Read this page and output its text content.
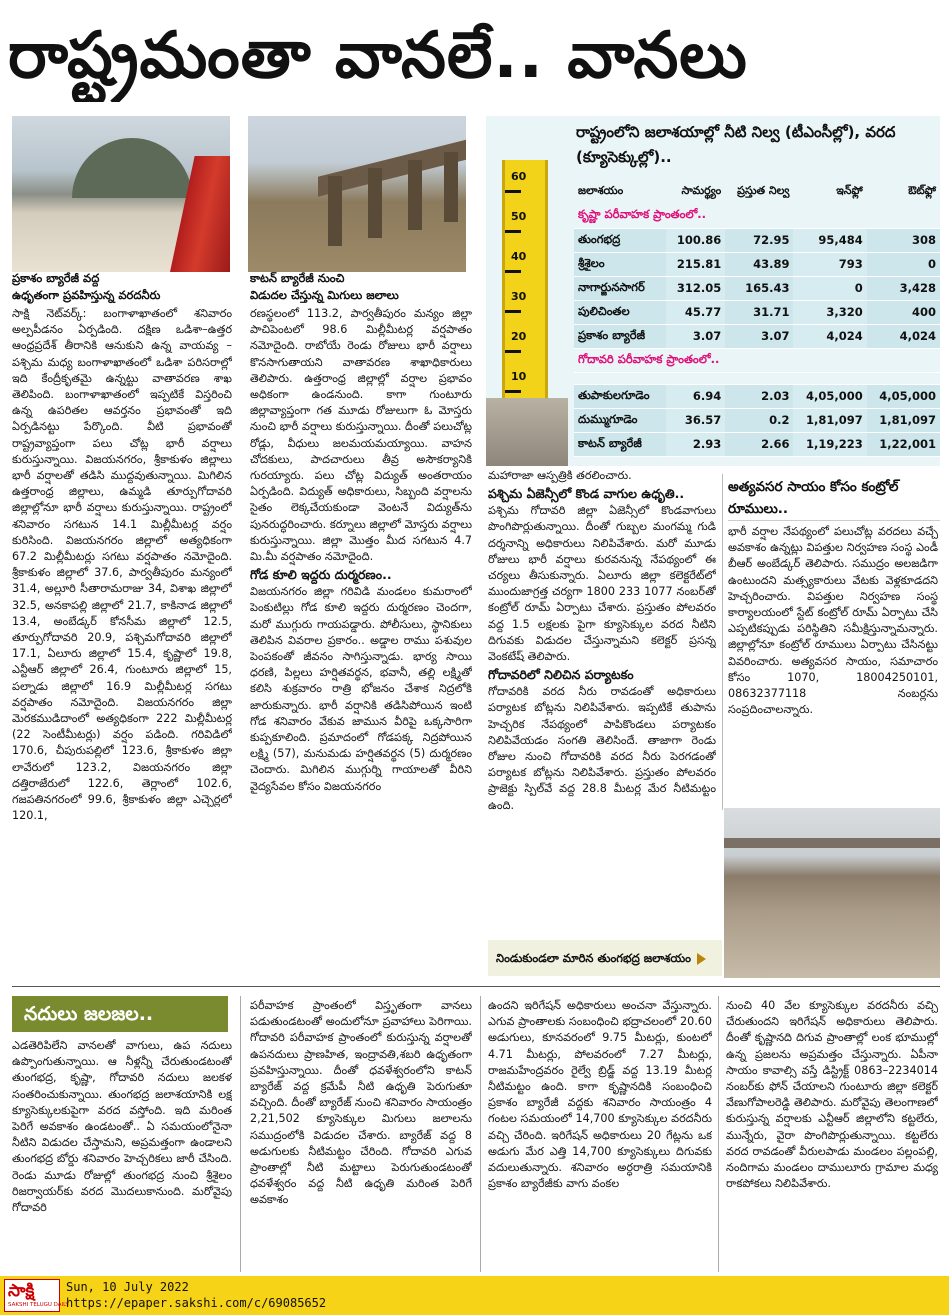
రాష్ట్రమంతా వానలే.. వానలు
ప్రకాశం బ్యారేజీ వద్ద
ఉధృతంగా ప్రవహిస్తున్న వరదనీరు
కాటన్ బ్యారేజీ నుంచి
విడుదల చేస్తున్న మిగులు జలాలు
60
50
40
30
20
10
రాష్ట్రంలోని జలాశయాల్లో నీటి నిల్వ (టీఎంసీల్లో), వరద (క్యూసెక్కుల్లో)..
జలాశయం	సామర్థ్యం	ప్రస్తుత నిల్వ	ఇన్‌ఫ్లో	ఔట్‌ఫ్లో
కృష్ణా పరీవాహక ప్రాంతంలో..				
తుంగభద్ర	100.86	72.95	95,484	308
శ్రీశైలం	215.81	43.89	793	0
నాగార్జునసాగర్	312.05	165.43	0	3,428
పులిచింతల	45.77	31.71	3,320	400
ప్రకాశం బ్యారేజీ	3.07	3.07	4,024	4,024
గోదావరి పరీవాహక ప్రాంతంలో..				

తుపాకులగూడెం	6.94	2.03	4,05,000	4,05,000
దుమ్ముగూడెం	36.57	0.2	1,81,097	1,81,097
కాటన్ బ్యారేజీ	2.93	2.66	1,19,223	1,22,001

సాక్షి నెట్‌వర్క్: బంగాళాఖాతంలో శనివారం అల్పపీడనం ఏర్పడింది. దక్షిణ ఒడిశా–ఉత్తర ఆంధ్రప్రదేశ్ తీరానికి ఆనుకుని ఉన్న వాయవ్య – పశ్చిమ మధ్య బంగాళాఖాతంలో ఒడిశా పరిసరాల్లో ఇది కేంద్రీకృతమై ఉన్నట్టు వాతావరణ శాఖ తెలిపింది. బంగాళాఖాతంలో ఇప్పటికే విస్తరించి ఉన్న ఉపరితల ఆవర్తనం ప్రభావంతో ఇది ఏర్పడినట్టు పేర్కొంది. వీటి ప్రభావంతో రాష్ట్రవ్యాప్తంగా పలు చోట్ల భారీ వర్షాలు కురుస్తున్నాయి. విజయనగరం, శ్రీకాకుళం జిల్లాలు భారీ వర్షాలతో తడిసి ముద్దవుతున్నాయి. మిగిలిన ఉత్తరాంధ్ర జిల్లాలు, ఉమ్మడి తూర్పుగోదావరి జిల్లాల్లోనూ భారీ వర్షాలు కురుస్తున్నాయి. రాష్ట్రంలో శనివారం సగటున 14.1 మిల్లీమీటర్ల వర్షం కురిసింది. విజయనగరం జిల్లాలో అత్యధికంగా 67.2 మిల్లీమీటర్లు సగటు వర్షపాతం నమోదైంది. శ్రీకాకుళం జిల్లాలో 37.6, పార్వతీపురం మన్యంలో 31.4, అల్లూరి సీతారామరాజు 34, విశాఖ జిల్లాలో 32.5, అనకాపల్లి జిల్లాలో 21.7, కాకినాడ జిల్లాలో 13.4, అంబేడ్కర్ కోనసీమ జిల్లాలో 12.5, తూర్పుగోదావరి 20.9, పశ్చిమగోదావరి జిల్లాలో 17.1, ఏలూరు జిల్లాలో 15.4, కృష్ణాలో 19.8, ఎన్టీఆర్ జిల్లాలో 26.4, గుంటూరు జిల్లాలో 15, పల్నాడు జిల్లాలో 16.9 మిల్లీమీటర్ల సగటు వర్షపాతం నమోదైంది. విజయనగరం జిల్లా మెరకముడిదాంలో అత్యధికంగా 222 మిల్లీమీటర్ల (22 సెంటీమీటర్లు) వర్షం పడింది. గరివిడిలో 170.6, చీపురుపల్లిలో 123.6, శ్రీకాకుళం జిల్లా లావేరులో 123.2, విజయనగరం జిల్లా దత్తిరాజేరులో 122.6, తెర్లాంలో 102.6, గజపతినగరంలో 99.6, శ్రీకాకుళం జిల్లా ఎచ్చెర్లలో 120.1,

రణస్థలంలో 113.2, పార్వతీపురం మన్యం జిల్లా పాచిపెంటలో 98.6 మిల్లీమీటర్ల వర్షపాతం నమోదైంది. రాబోయే రెండు రోజులు భారీ వర్షాలు కొనసాగుతాయని వాతావరణ శాఖాధికారులు తెలిపారు. ఉత్తరాంధ్ర జిల్లాల్లో వర్షాల ప్రభావం అధికంగా ఉండనుంది. కాగా గుంటూరు జిల్లావ్యాప్తంగా గత మూడు రోజులుగా ఓ మోస్తరు నుంచి భారీ వర్షాలు కురుస్తున్నాయి. దీంతో పలుచోట్ల రోడ్లు, వీధులు జలమయమయ్యాయి. వాహన చోదకులు, పాదచారులు తీవ్ర అసౌకర్యానికి గురయ్యారు. పలు చోట్ల విద్యుత్ అంతరాయం ఏర్పడింది. విద్యుత్ అధికారులు, సిబ్బంది వర్షాలను సైతం లెక్కచేయకుండా వెంటనే విద్యుత్‌ను పునరుద్ధరించారు. కర్నూలు జిల్లాలో మోస్తరు వర్షాలు కురుస్తున్నాయి. జిల్లా మొత్తం మీద సగటున 4.7 మి.మీ వర్షపాతం నమోదైంది.

గోడ కూలి ఇద్దరు దుర్మరణం..

విజయనగరం జిల్లా గరివిడి మండలం కుమరాంలో పెంకుటిల్లు గోడ కూలి ఇద్దరు దుర్మరణం చెందగా, మరో ముగ్గురు గాయపడ్డారు. పోలీసులు, స్థానికులు తెలిపిన వివరాల ప్రకారం.. అడ్డాల రాము పశువుల పెంపకంతో జీవనం సాగిస్తున్నాడు. భార్య సాయి ధరణి, పిల్లలు హర్షితవర్థన, భవానీ, తల్లి లక్ష్మితో కలిసి శుక్రవారం రాత్రి భోజనం చేశాక నిద్రలోకి జారుకున్నారు. భారీ వర్షానికి తడిసిపోయిన ఇంటి గోడ శనివారం వేకువ జామున వీరిపై ఒక్కసారిగా కుప్పకూలింది. ప్రమాదంలో గోడపక్క నిద్రపోయిన లక్ష్మి (57), మనుమడు హర్షితవర్థన (5) దుర్మరణం చెందారు. మిగిలిన ముగ్గుర్ని గాయాలతో వీరిని వైద్యసేవల కోసం విజయనగరం

మహారాజా ఆస్పత్రికి తరలించారు.

పశ్చిమ ఏజెన్సీలో కొండ వాగుల ఉధృతి..

పశ్చిమ గోదావరి జిల్లా ఏజెన్సీలో కొండవాగులు పొంగిపొర్లుతున్నాయి. దీంతో గుబ్బల మంగమ్మ గుడి దర్శనాన్ని అధికారులు నిలిపివేశారు. మరో మూడు రోజులు భారీ వర్షాలు కురవనున్న నేపథ్యంలో ఈ చర్యలు తీసుకున్నారు. ఏలూరు జిల్లా కలెక్టరేట్‌లో ముందుజాగ్రత్త చర్యగా 1800 233 1077 నంబర్‌తో కంట్రోల్ రూమ్ ఏర్పాటు చేశారు. ప్రస్తుతం పోలవరం వద్ద 1.5 లక్షలకు పైగా క్యూసెక్కుల వరద నీటిని దిగువకు విడుదల చేస్తున్నామని కలెక్టర్ ప్రసన్న వెంకటేష్ తెలిపారు.

గోదావరిలో నిలిచిన పర్యాటకం

గోదావరికి వరద నీరు రావడంతో అధికారులు పర్యాటక బోట్లను నిలిపివేశారు. ఇప్పటికే తుపాను హెచ్చరిక నేపథ్యంలో పాపికొండలు పర్యాటకం నిలిపివేయడం సంగతి తెలిసిందే. తాజాగా రెండు రోజుల నుంచి గోదావరికి వరద నీరు పెరగడంతో పర్యాటక బోట్లను నిలిపివేశారు. ప్రస్తుతం పోలవరం ప్రాజెక్టు స్పిల్‌వే వద్ద 28.8 మీటర్ల మేర నీటిమట్టం ఉంది.

అత్యవసర సాయం కోసం కంట్రోల్ రూములు..

భారీ వర్షాల నేపథ్యంలో పలుచోట్ల వరదలు వచ్చే అవకాశం ఉన్నట్లు విపత్తుల నిర్వహణ సంస్థ ఎండీ బీఆర్ అంబేడ్కర్ తెలిపారు. సముద్రం అలజడిగా ఉంటుందని మత్స్యకారులు వేటకు వెళ్లకూడదని హెచ్చరించారు. విపత్తుల నిర్వహణ సంస్థ కార్యాలయంలో స్టేట్ కంట్రోల్ రూమ్ ఏర్పాటు చేసి ఎప్పటికప్పుడు పరిస్థితిని సమీక్షిస్తున్నామన్నారు. జిల్లాల్లోనూ కంట్రోల్ రూములు ఏర్పాటు చేసినట్టు వివరించారు. అత్యవసర సాయం, సమాచారం కోసం 1070, 18004250101, 08632377118 నంబర్లను సంప్రదించాలన్నారు.

నిండుకుండలా మారిన తుంగభద్ర జలాశయం
నదులు జలజల..

ఎడతెరిపిలేని వానలతో వాగులు, ఉప నదులు ఉప్పొంగుతున్నాయి. ఆ నీళ్లన్నీ చేరుతుండటంతో తుంగభద్ర, కృష్ణా, గోదావరి నదులు జలకళ సంతరించుకున్నాయి. తుంగభద్ర జలాశయానికి లక్ష క్యూసెక్కులకుపైగా వరద వస్తోంది. ఇది మరింత పెరిగే అవకాశం ఉండటంతో.. ఏ సమయంలోనైనా నీటిని విడుదల చేస్తామని, అప్రమత్తంగా ఉండాలని తుంగభద్ర బోర్డు శనివారం హెచ్చరికలు జారీ చేసింది. రెండు మూడు రోజుల్లో తుంగభద్ర నుంచి శ్రీశైలం రిజర్వాయర్‌కు వరద మొదలుకానుంది. మరోవైపు గోదావరి

పరీవాహక ప్రాంతంలో విస్తృతంగా వానలు పడుతుండటంతో అందులోనూ ప్రవాహాలు పెరిగాయి. గోదావరి పరీవాహక ప్రాంతంలో కురుస్తున్న వర్షాలతో ఉపనదులు ప్రాణహిత, ఇంద్రావతి,శబరి ఉధృతంగా ప్రవహిస్తున్నాయి. దీంతో ధవళేశ్వరంలోని కాటన్ బ్యారేజ్ వద్ద క్రమేపీ నీటి ఉధృతి పెరుగుతూ వచ్చింది. దీంతో బ్యారేజ్ నుంచి శనివారం సాయంత్రం 2,21,502 క్యూసెక్కుల మిగులు జలాలను సముద్రంలోకి విడుదల చేశారు. బ్యారేజ్ వద్ద 8 అడుగులకు నీటిమట్టం చేరింది. గోదావరి ఎగువ ప్రాంతాల్లో నీటి మట్టాలు పెరుగుతుండటంతో ధవళేశ్వరం వద్ద నీటి ఉధృతి మరింత పెరిగే అవకాశం

ఉందని ఇరిగేషన్ అధికారులు అంచనా వేస్తున్నారు. ఎగువ ప్రాంతాలకు సంబంధించి భద్రాచలంలో 20.60 అడుగులు, కూనవరంలో 9.75 మీటర్లు, కుంటలో 4.71 మీటర్లు, పోలవరంలో 7.27 మీటర్లు, రాజమహేంద్రవరం రైల్వే బ్రిడ్జ్ వద్ద 13.19 మీటర్ల నీటిమట్టం ఉంది. కాగా కృష్ణానదికి సంబంధించి ప్రకాశం బ్యారేజీ వద్దకు శనివారం సాయంత్రం 4 గంటల సమయంలో 14,700 క్యూసెక్కుల వరదనీరు వచ్చి చేరింది. ఇరిగేషన్ అధికారులు 20 గేట్లను ఒక అడుగు మేర ఎత్తి 14,700 క్యూసెక్కులు దిగువకు వదులుతున్నారు. శనివారం అర్ధరాత్రి సమయానికి ప్రకాశం బ్యారేజీకు వాగు వంకల

నుంచి 40 వేల క్యూసెక్కుల వరదనీరు వచ్చి చేరుతుందని ఇరిగేషన్ అధికారులు తెలిపారు. దీంతో కృష్ణానది దిగువ ప్రాంతాల్లో లంక భూముల్లో ఉన్న ప్రజలను అప్రమత్తం చేస్తున్నారు. ఏపీనా సాయం కావాల్సి వస్తే డిస్ట్రిక్ట్ 0863–2234014 నంబర్‌కు ఫోన్ చేయాలని గుంటూరు జిల్లా కలెక్టర్ వేణుగోపాలరెడ్డి తెలిపారు. మరోవైపు తెలంగాణలో కురుస్తున్న వర్షాలకు ఎన్టీఆర్ జిల్లాలోని కట్టలేరు, మున్నేరు, వైరా పొంగిపొర్లుతున్నాయి. కట్టలేరు వరద రావడంతో వీరులపాడు మండలం పల్లంపల్లి, నందిగామ మండలం దాములూరు గ్రామాల మధ్య రాకపోకలు నిలిపివేశారు.

సాక్షి
SAKSHI TELUGU DAILY
Sun, 10 July 2022
https://epaper.sakshi.com/c/69085652
